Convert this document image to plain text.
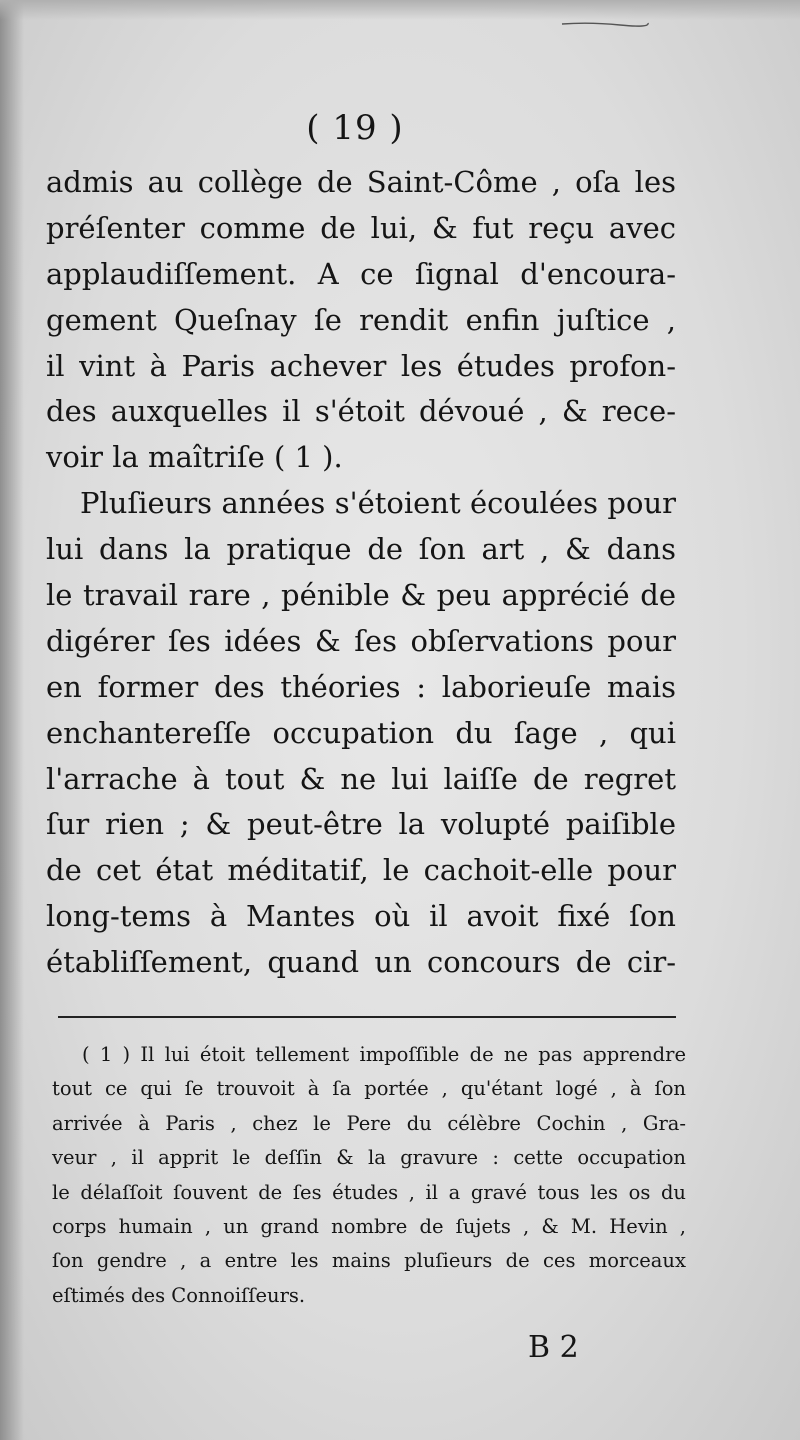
( 19 )
admis au collège de Saint-Côme , oſa les
préſenter comme de lui, & fut reçu avec
applaudiſſement. A ce ſignal d'encoura-
gement Queſnay ſe rendit enfin juſtice ,
il vint à Paris achever les études profon-
des auxquelles il s'étoit dévoué , & rece-
voir la maîtriſe ( 1 ).
Pluſieurs années s'étoient écoulées pour
lui dans la pratique de ſon art , & dans
le travail rare , pénible & peu apprécié de
digérer ſes idées & ſes obſervations pour
en former des théories : laborieuſe mais
enchantereſſe occupation du ſage , qui
l'arrache à tout & ne lui laiſſe de regret
ſur rien ; & peut-être la volupté paiſible
de cet état méditatif, le cachoit-elle pour
long-tems à Mantes où il avoit fixé ſon
établiſſement, quand un concours de cir-
( 1 ) Il lui étoit tellement impoſſible de ne pas apprendre
tout ce qui ſe trouvoit à ſa portée , qu'étant logé , à ſon
arrivée à Paris , chez le Pere du célèbre Cochin , Gra-
veur , il apprit le deſſin & la gravure : cette occupation
le délaſſoit ſouvent de ſes études , il a gravé tous les os du
corps humain , un grand nombre de ſujets , & M. Hevin ,
ſon gendre , a entre les mains pluſieurs de ces morceaux
eſtimés des Connoiſſeurs.
B 2
